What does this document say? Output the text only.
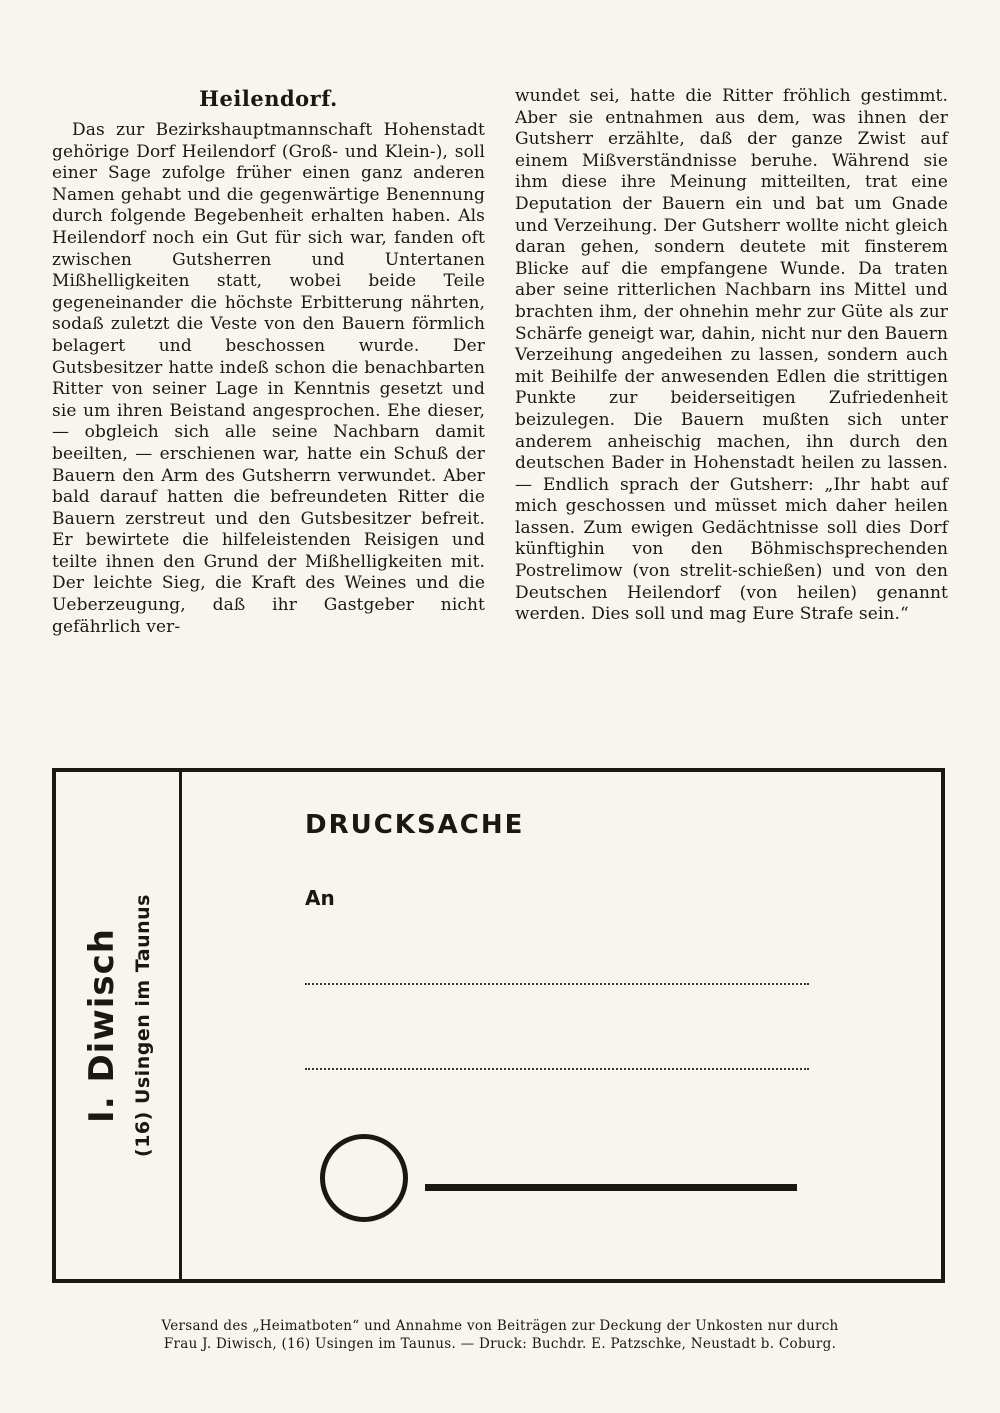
Heilendorf.

Das zur Bezirkshauptmannschaft Hohenstadt gehörige Dorf Heilendorf (Groß- und Klein-), soll einer Sage zufolge früher einen ganz anderen Namen gehabt und die gegenwärtige Benennung durch folgende Begebenheit erhalten haben. Als Heilendorf noch ein Gut für sich war, fanden oft zwischen Gutsherren und Untertanen Mißhelligkeiten statt, wobei beide Teile gegeneinander die höchste Erbitterung nährten, sodaß zuletzt die Veste von den Bauern förmlich belagert und beschossen wurde. Der Gutsbesitzer hatte indeß schon die benachbarten Ritter von seiner Lage in Kenntnis gesetzt und sie um ihren Beistand angesprochen. Ehe dieser, — obgleich sich alle seine Nachbarn damit beeilten, — erschienen war, hatte ein Schuß der Bauern den Arm des Gutsherrn verwundet. Aber bald darauf hatten die befreundeten Ritter die Bauern zerstreut und den Gutsbesitzer befreit. Er bewirtete die hilfeleistenden Reisigen und teilte ihnen den Grund der Mißhelligkeiten mit. Der leichte Sieg, die Kraft des Weines und die Ueberzeugung, daß ihr Gastgeber nicht gefährlich ver-

wundet sei, hatte die Ritter fröhlich gestimmt. Aber sie entnahmen aus dem, was ihnen der Gutsherr erzählte, daß der ganze Zwist auf einem Mißverständnisse beruhe. Während sie ihm diese ihre Meinung mitteilten, trat eine Deputation der Bauern ein und bat um Gnade und Verzeihung. Der Gutsherr wollte nicht gleich daran gehen, sondern deutete mit finsterem Blicke auf die empfangene Wunde. Da traten aber seine ritterlichen Nachbarn ins Mittel und brachten ihm, der ohnehin mehr zur Güte als zur Schärfe geneigt war, dahin, nicht nur den Bauern Verzeihung angedeihen zu lassen, sondern auch mit Beihilfe der anwesenden Edlen die strittigen Punkte zur beiderseitigen Zufriedenheit beizulegen. Die Bauern mußten sich unter anderem anheischig machen, ihn durch den deutschen Bader in Hohenstadt heilen zu lassen. — Endlich sprach der Gutsherr: „Ihr habt auf mich geschossen und müsset mich daher heilen lassen. Zum ewigen Gedächtnisse soll dies Dorf künftighin von den Böhmischsprechenden Postrelimow (von strelit-schießen) und von den Deutschen Heilendorf (von heilen) genannt werden. Dies soll und mag Eure Strafe sein.“

I. Diwisch (16) Usingen im Taunus
DRUCKSACHE
An
Versand des „Heimatboten“ und Annahme von Beiträgen zur Deckung der Unkosten nur durch
Frau J. Diwisch, (16) Usingen im Taunus. — Druck: Buchdr. E. Patzschke, Neustadt b. Coburg.
